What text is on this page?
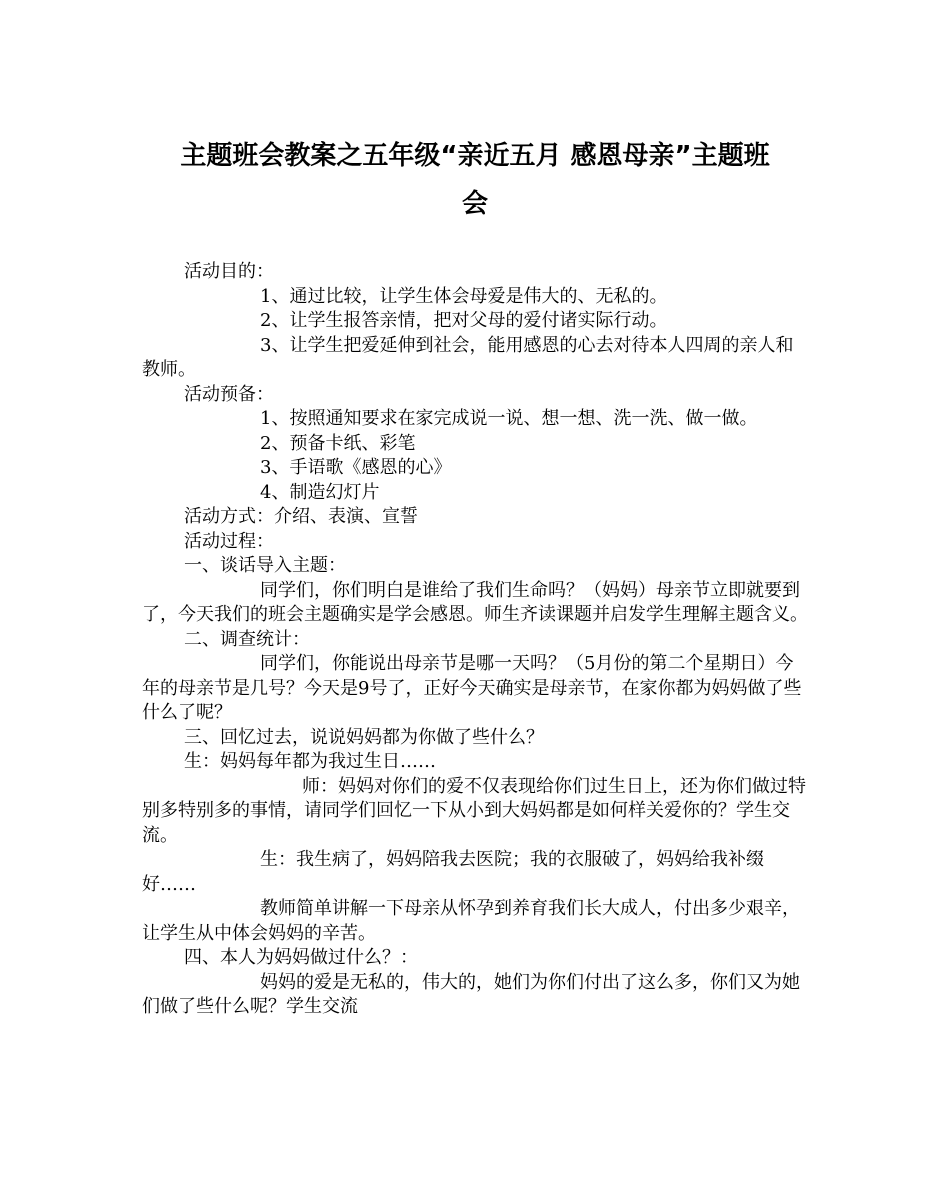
主题班会教案之五年级“亲近五月 感恩母亲”主题班
会

活动目的：

1、通过比较，让学生体会母爱是伟大的、无私的。

2、让学生报答亲情，把对父母的爱付诸实际行动。

3、让学生把爱延伸到社会，能用感恩的心去对待本人四周的亲人和教师。

活动预备：

1、按照通知要求在家完成说一说、想一想、洗一洗、做一做。

2、预备卡纸、彩笔

3、手语歌《感恩的心》

4、制造幻灯片

活动方式：介绍、表演、宣誓

活动过程：

一、谈话导入主题：

同学们，你们明白是谁给了我们生命吗？（妈妈）母亲节立即就要到了，今天我们的班会主题确实是学会感恩。师生齐读课题并启发学生理解主题含义。

二、调查统计：

同学们，你能说出母亲节是哪一天吗？（5月份的第二个星期日）今年的母亲节是几号？今天是9号了，正好今天确实是母亲节，在家你都为妈妈做了些什么了呢？

三、回忆过去，说说妈妈都为你做了些什么？

生：妈妈每年都为我过生日……

师：妈妈对你们的爱不仅表现给你们过生日上，还为你们做过特别多特别多的事情，请同学们回忆一下从小到大妈妈都是如何样关爱你的？学生交流。

生：我生病了，妈妈陪我去医院；我的衣服破了，妈妈给我补缀好……

教师简单讲解一下母亲从怀孕到养育我们长大成人，付出多少艰辛，让学生从中体会妈妈的辛苦。

四、本人为妈妈做过什么？：

妈妈的爱是无私的，伟大的，她们为你们付出了这么多，你们又为她们做了些什么呢？学生交流
